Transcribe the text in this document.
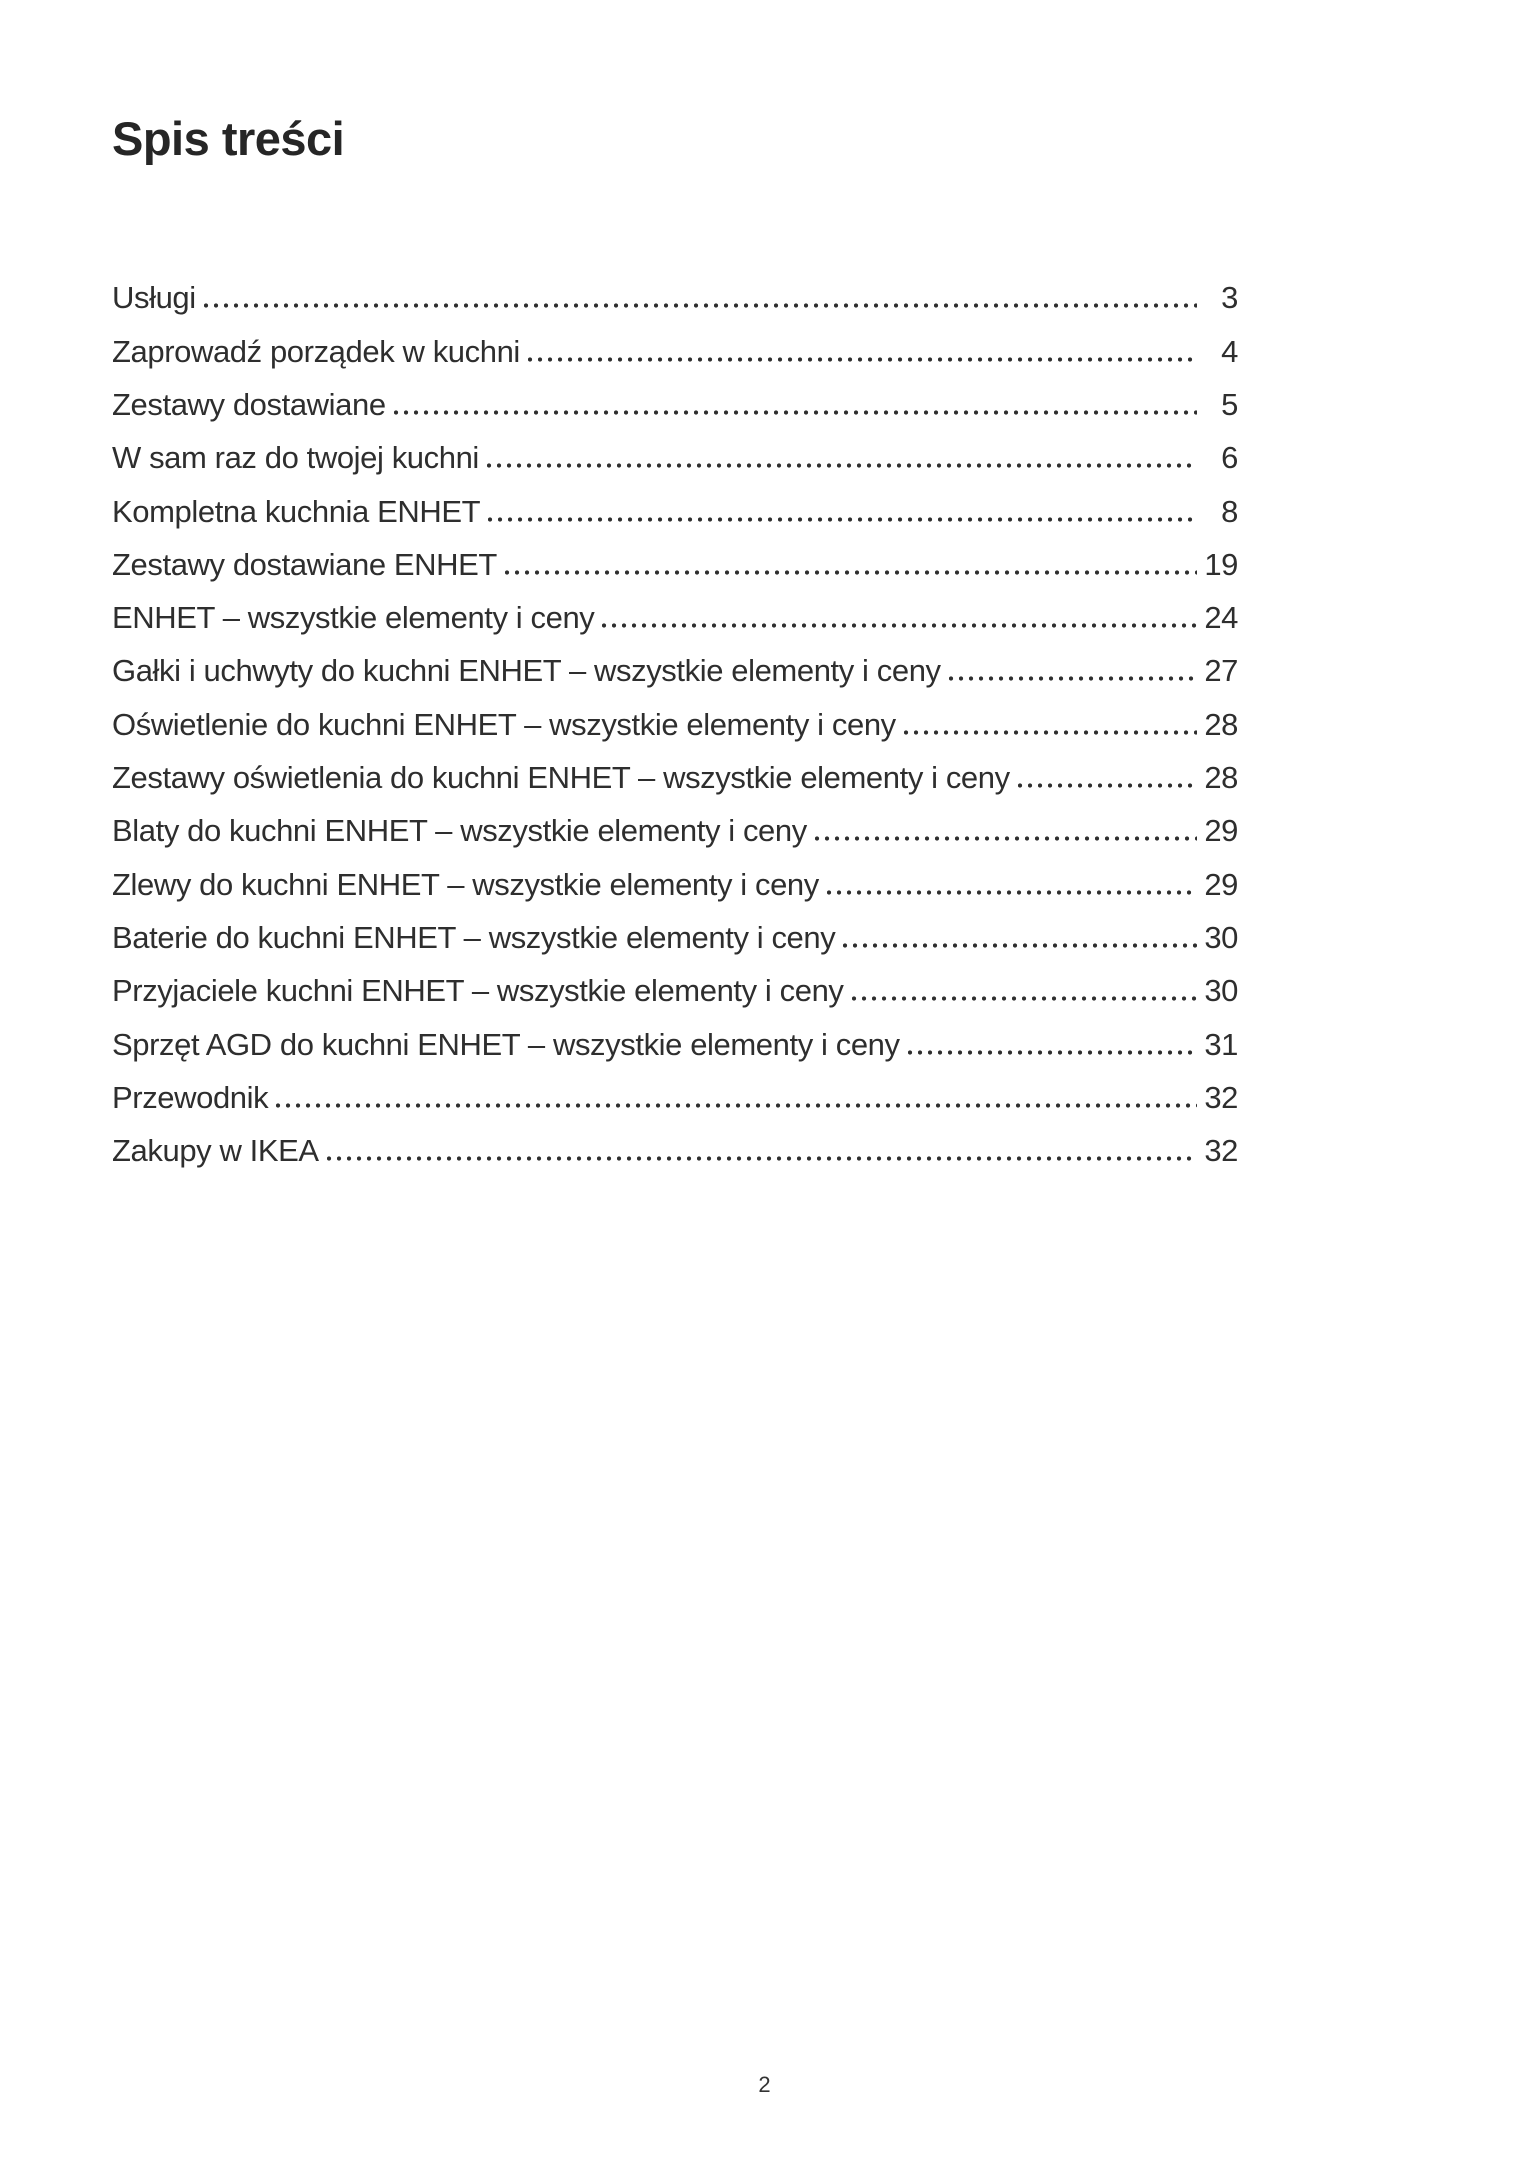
Spis treści
Usługi	3
Zaprowadź porządek w kuchni	4
Zestawy dostawiane	5
W sam raz do twojej kuchni	6
Kompletna kuchnia ENHET	8
Zestawy dostawiane ENHET	19
ENHET – wszystkie elementy i ceny	24
Gałki i uchwyty do kuchni ENHET – wszystkie elementy i ceny	27
Oświetlenie do kuchni ENHET – wszystkie elementy i ceny	28
Zestawy oświetlenia do kuchni ENHET – wszystkie elementy i ceny	28
Blaty do kuchni ENHET – wszystkie elementy i ceny	29
Zlewy do kuchni ENHET – wszystkie elementy i ceny	29
Baterie do kuchni ENHET – wszystkie elementy i ceny	30
Przyjaciele kuchni ENHET – wszystkie elementy i ceny	30
Sprzęt AGD do kuchni ENHET – wszystkie elementy i ceny	31
Przewodnik	32
Zakupy w IKEA	32
2
